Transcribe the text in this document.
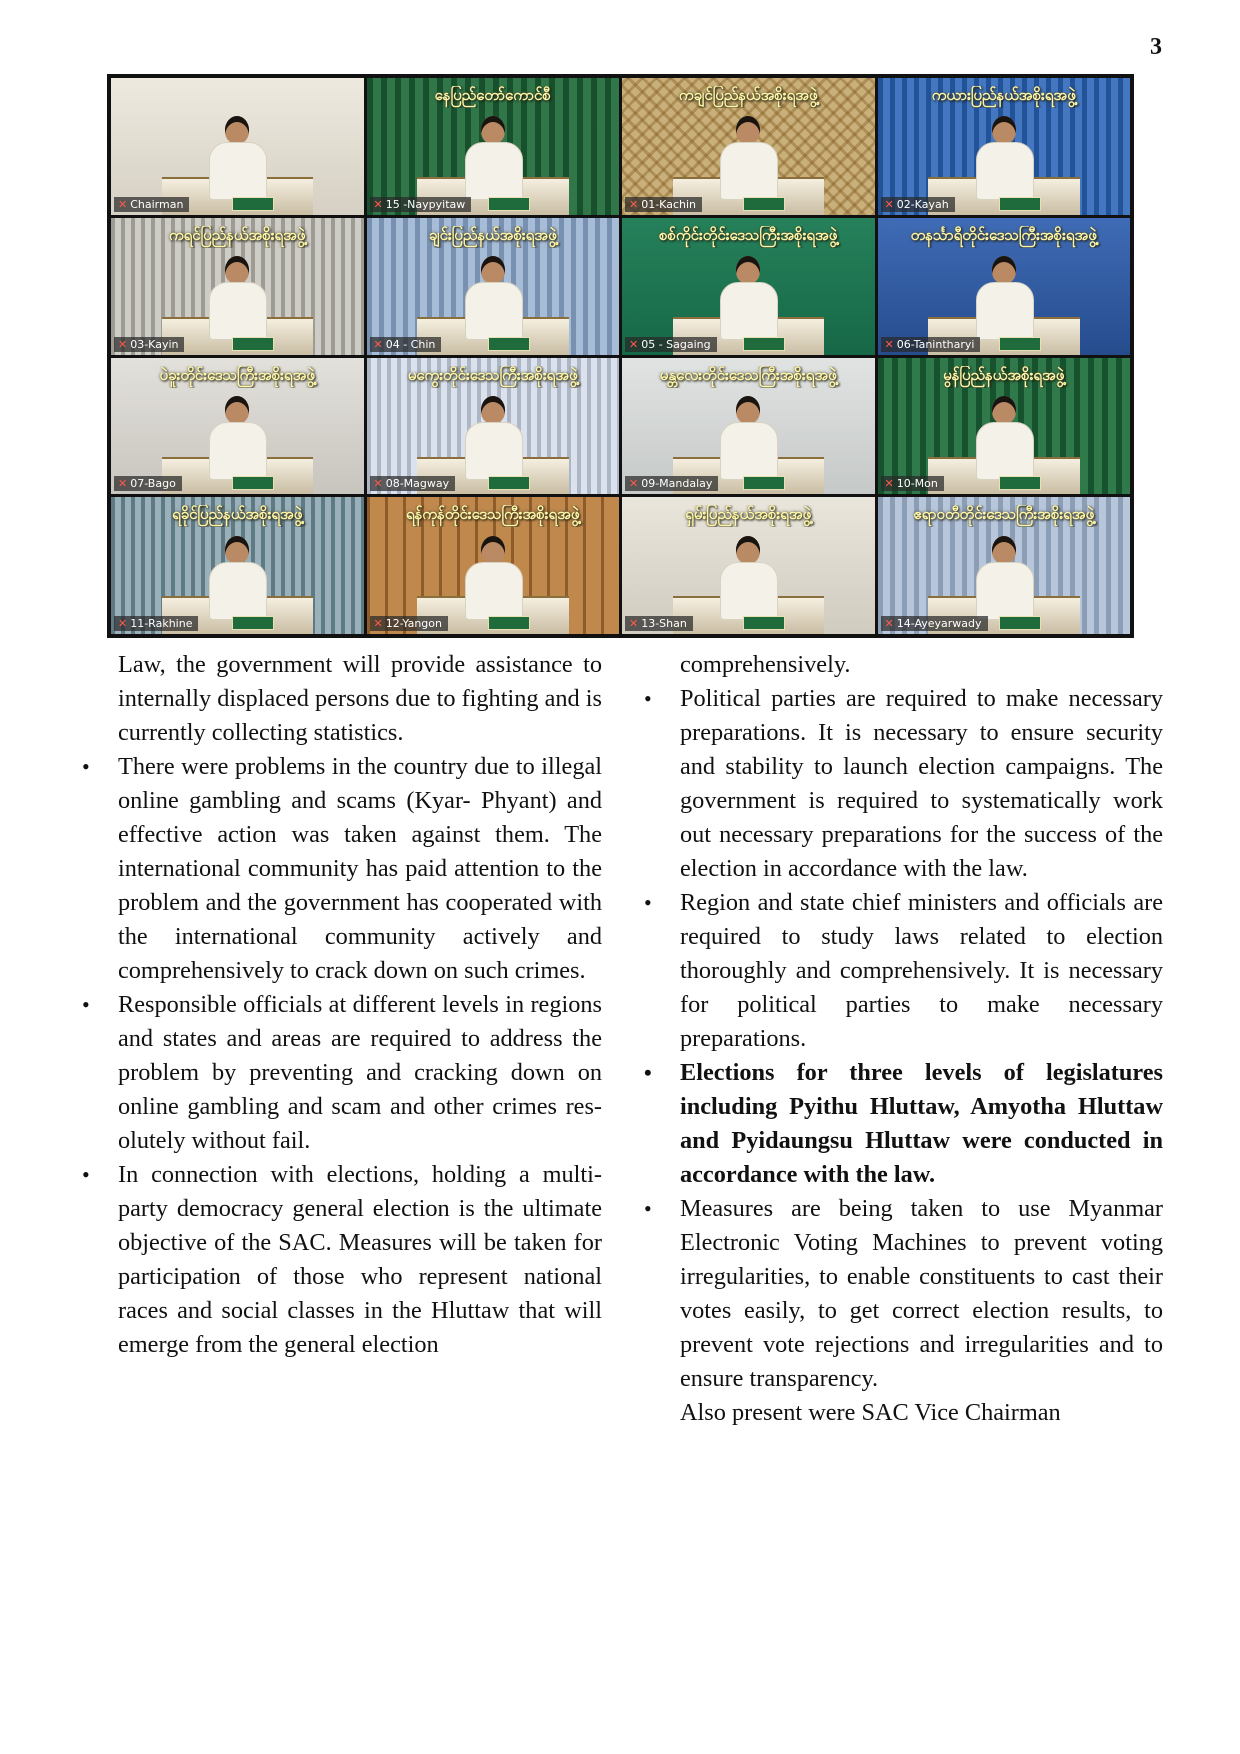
3
✕ Chairman
နေပြည်တော်ကောင်စီ
✕ 15 -Naypyitaw
ကချင်ပြည်နယ်အစိုးရအဖွဲ့
✕ 01-Kachin
ကယားပြည်နယ်အစိုးရအဖွဲ့
✕ 02-Kayah
ကရင်ပြည်နယ်အစိုးရအဖွဲ့
✕ 03-Kayin
ချင်းပြည်နယ်အစိုးရအဖွဲ့
✕ 04 - Chin
စစ်ကိုင်းတိုင်းဒေသကြီးအစိုးရအဖွဲ့
✕ 05 - Sagaing
တနင်္သာရီတိုင်းဒေသကြီးအစိုးရအဖွဲ့
✕ 06-Tanintharyi
ပဲခူးတိုင်းဒေသကြီးအစိုးရအဖွဲ့
✕ 07-Bago
မကွေးတိုင်းဒေသကြီးအစိုးရအဖွဲ့
✕ 08-Magway
မန္တလေးတိုင်းဒေသကြီးအစိုးရအဖွဲ့
✕ 09-Mandalay
မွန်ပြည်နယ်အစိုးရအဖွဲ့
✕ 10-Mon
ရခိုင်ပြည်နယ်အစိုးရအဖွဲ့
✕ 11-Rakhine
ရန်ကုန်တိုင်းဒေသကြီးအစိုးရအဖွဲ့
✕ 12-Yangon
ရှမ်းပြည်နယ်အစိုးရအဖွဲ့
✕ 13-Shan
ဧရာဝတီတိုင်းဒေသကြီးအစိုးရအဖွဲ့
✕ 14-Ayeyarwady

Law, the government will provide assistance to internally displaced persons due to fighting and is currently collecting statistics.

• There were problems in the country due to illegal online gambling and scams (Kyar- Phyant) and effective action was taken against them. The international community has paid attention to the problem and the government has cooperated with the international community actively and comprehensively to crack down on such crimes.

• Responsible officials at different levels in regions and states and areas are required to address the problem by preventing and cracking down on online gambling and scam and other crimes resolutely without fail.

• In connection with elections, holding a multi-party democracy general election is the ultimate objective of the SAC. Measures will be taken for participation of those who represent national races and social classes in the Hluttaw that will emerge from the general election

comprehensively.

• Political parties are required to make necessary preparations. It is necessary to ensure security and stability to launch election campaigns. The government is required to systematically work out necessary preparations for the success of the election in accordance with the law.

• Region and state chief ministers and officials are required to study laws related to election thoroughly and comprehensively. It is necessary for political parties to make necessary preparations.

• Elections for three levels of legislatures including Pyithu Hluttaw, Amyotha Hluttaw and Pyidaungsu Hluttaw were conducted in accordance with the law.

• Measures are being taken to use Myanmar Electronic Voting Machines to prevent voting irregularities, to enable constituents to cast their votes easily, to get correct election results, to prevent vote rejections and irregularities and to ensure transparency.

Also present were SAC Vice Chairman
